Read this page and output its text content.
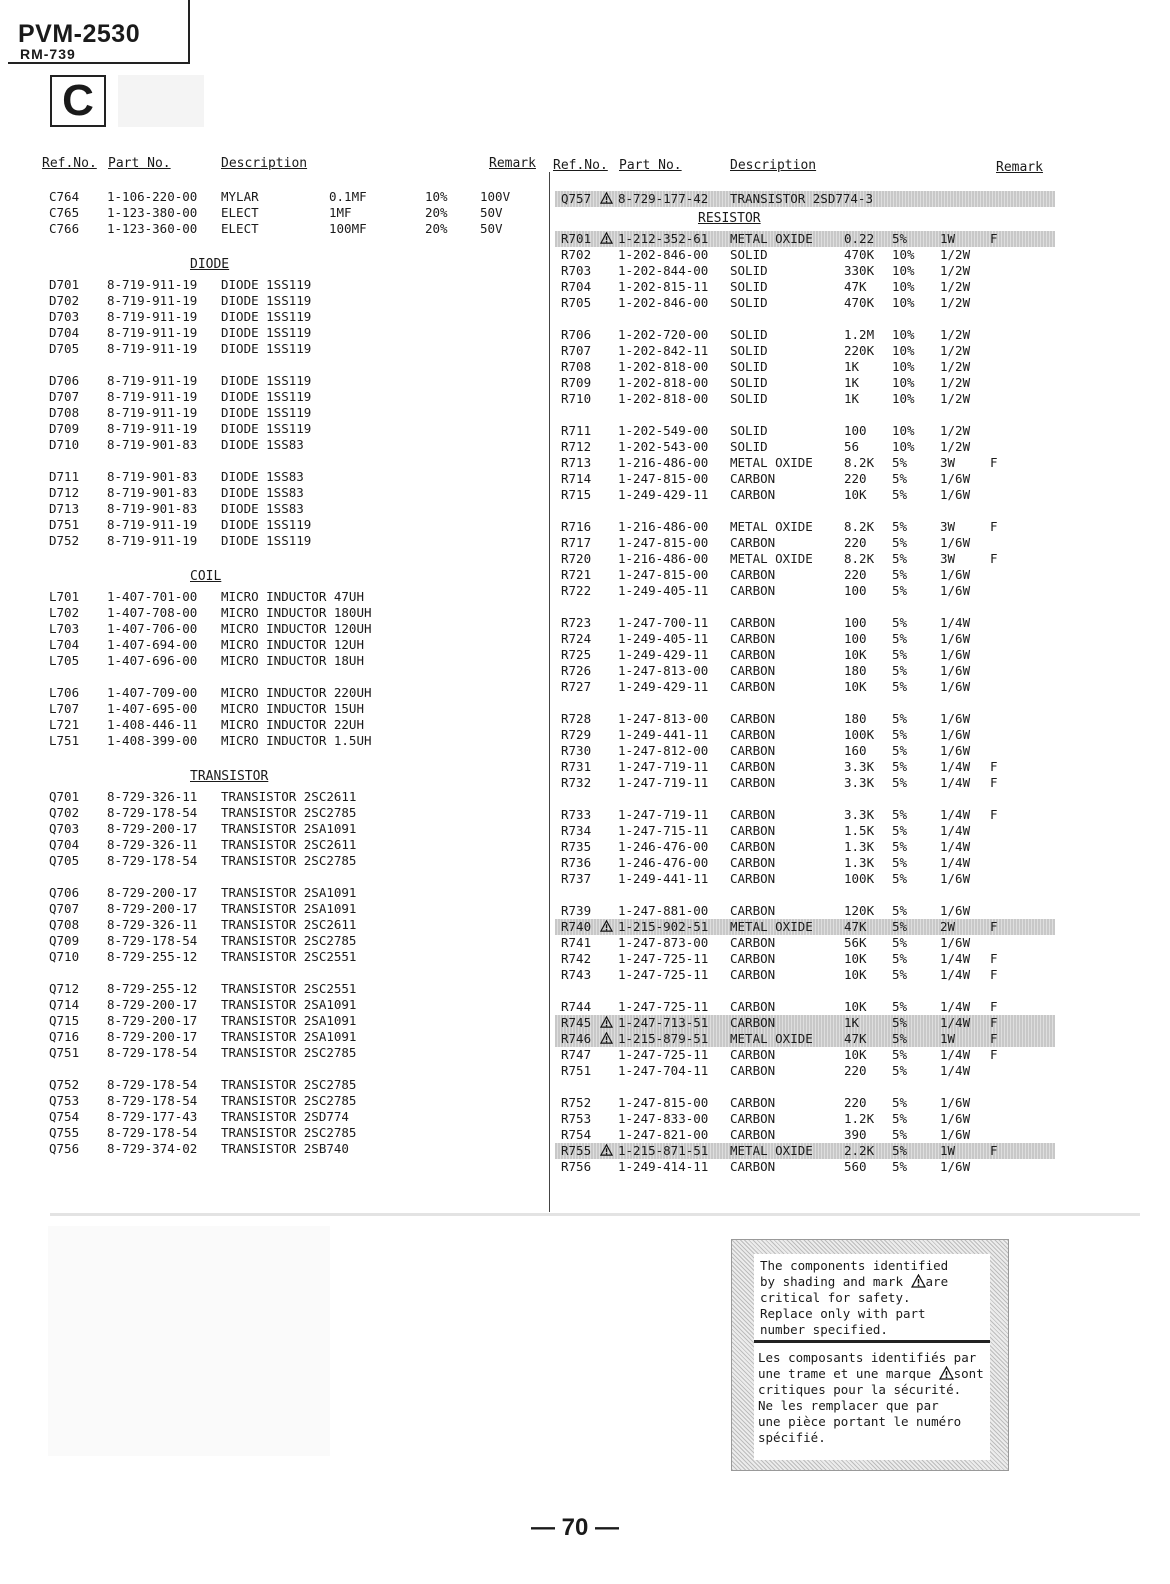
PVM-2530
RM-739
C
Ref.No. Part No.	Description	Remark Ref.No. Part No.	Description	Remark
C764 1-106-220-00 MYLAR	0.1MF	10%	100V
C765 1-123-380-00 ELECT	1MF	20%	50V
C766 1-123-360-00 ELECT	100MF	20%	50V
DIODE
D701 8-719-911-19 DIODE 1SS119
D702 8-719-911-19 DIODE 1SS119
D703 8-719-911-19 DIODE 1SS119
D704 8-719-911-19 DIODE 1SS119
D705 8-719-911-19 DIODE 1SS119
D706 8-719-911-19 DIODE 1SS119
D707 8-719-911-19 DIODE 1SS119
D708 8-719-911-19 DIODE 1SS119
D709 8-719-911-19 DIODE 1SS119
D710 8-719-901-83 DIODE 1SS83
D711 8-719-901-83 DIODE 1SS83
D712 8-719-901-83 DIODE 1SS83
D713 8-719-901-83 DIODE 1SS83
D751 8-719-911-19 DIODE 1SS119
D752 8-719-911-19 DIODE 1SS119
COIL
L701 1-407-701-00 MICRO INDUCTOR 47UH
L702 1-407-708-00 MICRO INDUCTOR 180UH
L703 1-407-706-00 MICRO INDUCTOR 120UH
L704 1-407-694-00 MICRO INDUCTOR 12UH
L705 1-407-696-00 MICRO INDUCTOR 18UH
L706 1-407-709-00 MICRO INDUCTOR 220UH
L707 1-407-695-00 MICRO INDUCTOR 15UH
L721 1-408-446-11 MICRO INDUCTOR 22UH
L751 1-408-399-00 MICRO INDUCTOR 1.5UH
TRANSISTOR
Q701 8-729-326-11 TRANSISTOR 2SC2611
Q702 8-729-178-54 TRANSISTOR 2SC2785
Q703 8-729-200-17 TRANSISTOR 2SA1091
Q704 8-729-326-11 TRANSISTOR 2SC2611
Q705 8-729-178-54 TRANSISTOR 2SC2785
Q706 8-729-200-17 TRANSISTOR 2SA1091
Q707 8-729-200-17 TRANSISTOR 2SA1091
Q708 8-729-326-11 TRANSISTOR 2SC2611
Q709 8-729-178-54 TRANSISTOR 2SC2785
Q710 8-729-255-12 TRANSISTOR 2SC2551
Q712 8-729-255-12 TRANSISTOR 2SC2551
Q714 8-729-200-17 TRANSISTOR 2SA1091
Q715 8-729-200-17 TRANSISTOR 2SA1091
Q716 8-729-200-17 TRANSISTOR 2SA1091
Q751 8-729-178-54 TRANSISTOR 2SC2785
Q752 8-729-178-54 TRANSISTOR 2SC2785
Q753 8-729-178-54 TRANSISTOR 2SC2785
Q754 8-729-177-43 TRANSISTOR 2SD774
Q755 8-729-178-54 TRANSISTOR 2SC2785
Q756 8-729-374-02 TRANSISTOR 2SB740
Q757 8-729-177-42 TRANSISTOR 2SD774-3
RESISTOR
R701 1-212-352-61 METAL OXIDE 0.22 5%	1W	F
R702 1-202-846-00 SOLID	470K 10% 1/2W
R703 1-202-844-00 SOLID	330K 10% 1/2W
R704 1-202-815-11 SOLID	47K 10% 1/2W
R705 1-202-846-00 SOLID	470K 10% 1/2W
R706 1-202-720-00 SOLID	1.2M 10% 1/2W
R707 1-202-842-11 SOLID	220K 10% 1/2W
R708 1-202-818-00 SOLID	1K	10% 1/2W
R709 1-202-818-00 SOLID	1K	10% 1/2W
R710 1-202-818-00 SOLID	1K	10% 1/2W
R711 1-202-549-00 SOLID	100 10% 1/2W
R712 1-202-543-00 SOLID	56	10% 1/2W
R713 1-216-486-00 METAL OXIDE 8.2K 5%	3W	F
R714 1-247-815-00 CARBON	220 5%	1/6W
R715 1-249-429-11 CARBON	10K 5%	1/6W
R716 1-216-486-00 METAL OXIDE 8.2K 5%	3W	F
R717 1-247-815-00 CARBON	220 5%	1/6W
R720 1-216-486-00 METAL OXIDE 8.2K 5%	3W	F
R721 1-247-815-00 CARBON	220 5%	1/6W
R722 1-249-405-11 CARBON	100 5%	1/6W
R723 1-247-700-11 CARBON	100 5%	1/4W
R724 1-249-405-11 CARBON	100 5%	1/6W
R725 1-249-429-11 CARBON	10K 5%	1/6W
R726 1-247-813-00 CARBON	180 5%	1/6W
R727 1-249-429-11 CARBON	10K 5%	1/6W
R728 1-247-813-00 CARBON	180 5%	1/6W
R729 1-249-441-11 CARBON	100K 5%	1/6W
R730 1-247-812-00 CARBON	160 5%	1/6W
R731 1-247-719-11 CARBON	3.3K 5%	1/4W F
R732 1-247-719-11 CARBON	3.3K 5%	1/4W F
R733 1-247-719-11 CARBON	3.3K 5%	1/4W F
R734 1-247-715-11 CARBON	1.5K 5%	1/4W
R735 1-246-476-00 CARBON	1.3K 5%	1/4W
R736 1-246-476-00 CARBON	1.3K 5%	1/4W
R737 1-249-441-11 CARBON	100K 5%	1/6W
R739 1-247-881-00 CARBON	120K 5%	1/6W
R740 1-215-902-51 METAL OXIDE 47K 5%	2W	F
R741 1-247-873-00 CARBON	56K 5%	1/6W
R742 1-247-725-11 CARBON	10K 5%	1/4W F
R743 1-247-725-11 CARBON	10K 5%	1/4W F
R744 1-247-725-11 CARBON	10K 5%	1/4W F
R745 1-247-713-51 CARBON	1K	5%	1/4W F
R746 1-215-879-51 METAL OXIDE 47K 5%	1W	F
R747 1-247-725-11 CARBON	10K 5%	1/4W F
R751 1-247-704-11 CARBON	220 5%	1/4W
R752 1-247-815-00 CARBON	220 5%	1/6W
R753 1-247-833-00 CARBON	1.2K 5%	1/6W
R754 1-247-821-00 CARBON	390 5%	1/6W
R755 1-215-871-51 METAL OXIDE 2.2K 5%	1W	F
R756 1-249-414-11 CARBON	560 5%	1/6W
The components identified
by shading and mark are
critical for safety.
Replace only with part
number specified.
Les composants identifiés par
une trame et une marque sont
critiques pour la sécurité.
Ne les remplacer que par
une pièce portant le numéro
spécifié.
— 70 —
